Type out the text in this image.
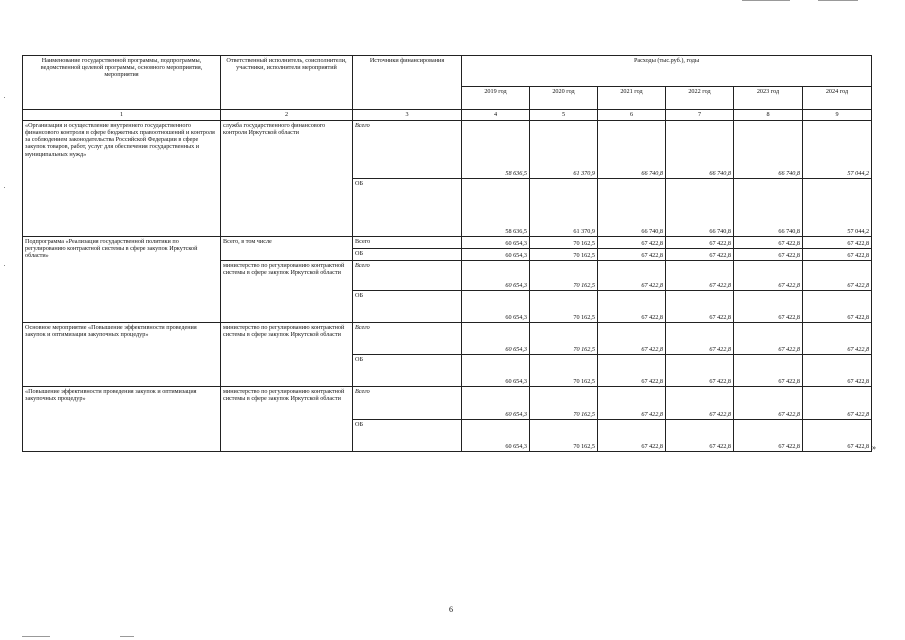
Наименование государственной программы, подпрограммы, ведомственной целевой программы, основного мероприятия, мероприятия	Ответственный исполнитель, соисполнители, участники, исполнители мероприятий	Источники финансирования	Расходы (тыс.руб.), годы					
			2019 год	2020 год	2021 год	2022 год	2023 год	2024 год
1	2	3	4	5	6	7	8	9
«Организация и осуществление внутреннего государственного финансового контроля в сфере бюджетных правоотношений и контроля за соблюдением законодательства Российской Федерации в сфере закупок товаров, работ, услуг для обеспечения государственных и муниципальных нужд»	служба государственного финансового контроля Иркутской области	Всего	58 636,5	61 370,9	66 740,8	66 740,8	66 740,8	57 044,2
		ОБ	58 636,5	61 370,9	66 740,8	66 740,8	66 740,8	57 044,2
Подпрограмма «Реализация государственной политики по регулированию контрактной системы в сфере закупок Иркутской области»	Всего, в том числе	Всего	60 654,3	70 162,5	67 422,8	67 422,8	67 422,8	67 422,8
		ОБ	60 654,3	70 162,5	67 422,8	67 422,8	67 422,8	67 422,8
	министерство по регулированию контрактной системы в сфере закупок Иркутской области	Всего	60 654,3	70 162,5	67 422,8	67 422,8	67 422,8	67 422,8
		ОБ	60 654,3	70 162,5	67 422,8	67 422,8	67 422,8	67 422,8
Основное мероприятие «Повышение эффективности проведения закупок и оптимизация закупочных процедур»	министерство по регулированию контрактной системы в сфере закупок Иркутской области	Всего	60 654,3	70 162,5	67 422,8	67 422,8	67 422,8	67 422,8
		ОБ	60 654,3	70 162,5	67 422,8	67 422,8	67 422,8	67 422,8
«Повышение эффективности проведения закупок и оптимизация закупочных процедур»	министерство по регулированию контрактной системы в сфере закупок Иркутской области	Всего	60 654,3	70 162,5	67 422,8	67 422,8	67 422,8	67 422,8
		ОБ	60 654,3	70 162,5	67 422,8	67 422,8	67 422,8	67 422,8 »
6
